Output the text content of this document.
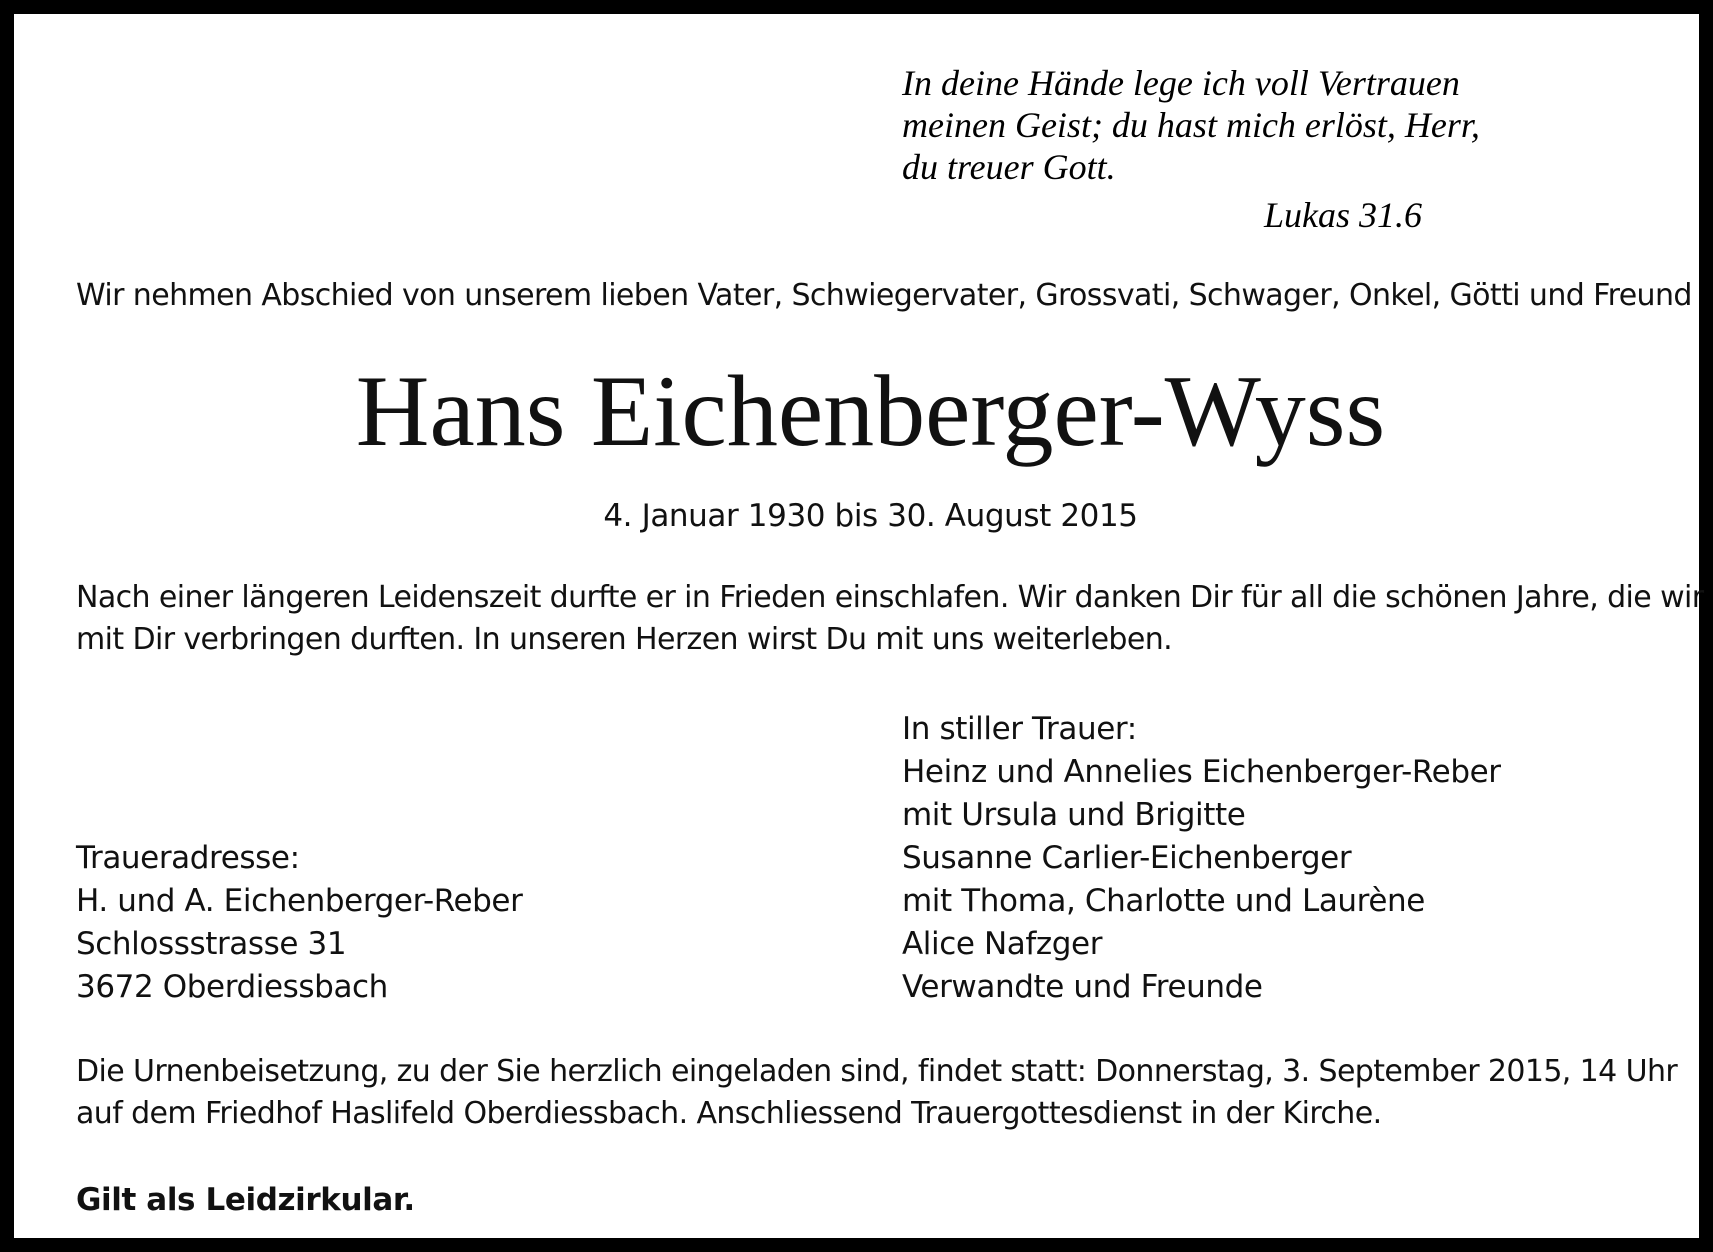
In deine Hände lege ich voll Vertrauen
meinen Geist; du hast mich erlöst, Herr,
du treuer Gott.
Lukas 31.6
Wir nehmen Abschied von unserem lieben Vater, Schwiegervater, Grossvati, Schwager, Onkel, Götti und Freund
Hans Eichenberger-Wyss
4. Januar 1930 bis 30. August 2015
Nach einer längeren Leidenszeit durfte er in Frieden einschlafen. Wir danken Dir für all die schönen Jahre, die wir
mit Dir verbringen durften. In unseren Herzen wirst Du mit uns weiterleben.
In stiller Trauer:
Heinz und Annelies Eichenberger-Reber
mit Ursula und Brigitte
Susanne Carlier-Eichenberger
mit Thoma, Charlotte und Laurène
Alice Nafzger
Verwandte und Freunde
Traueradresse:
H. und A. Eichenberger-Reber
Schlossstrasse 31
3672 Oberdiessbach
Die Urnenbeisetzung, zu der Sie herzlich eingeladen sind, findet statt: Donnerstag, 3. September 2015, 14 Uhr
auf dem Friedhof Haslifeld Oberdiessbach. Anschliessend Trauergottesdienst in der Kirche.
Gilt als Leidzirkular.
